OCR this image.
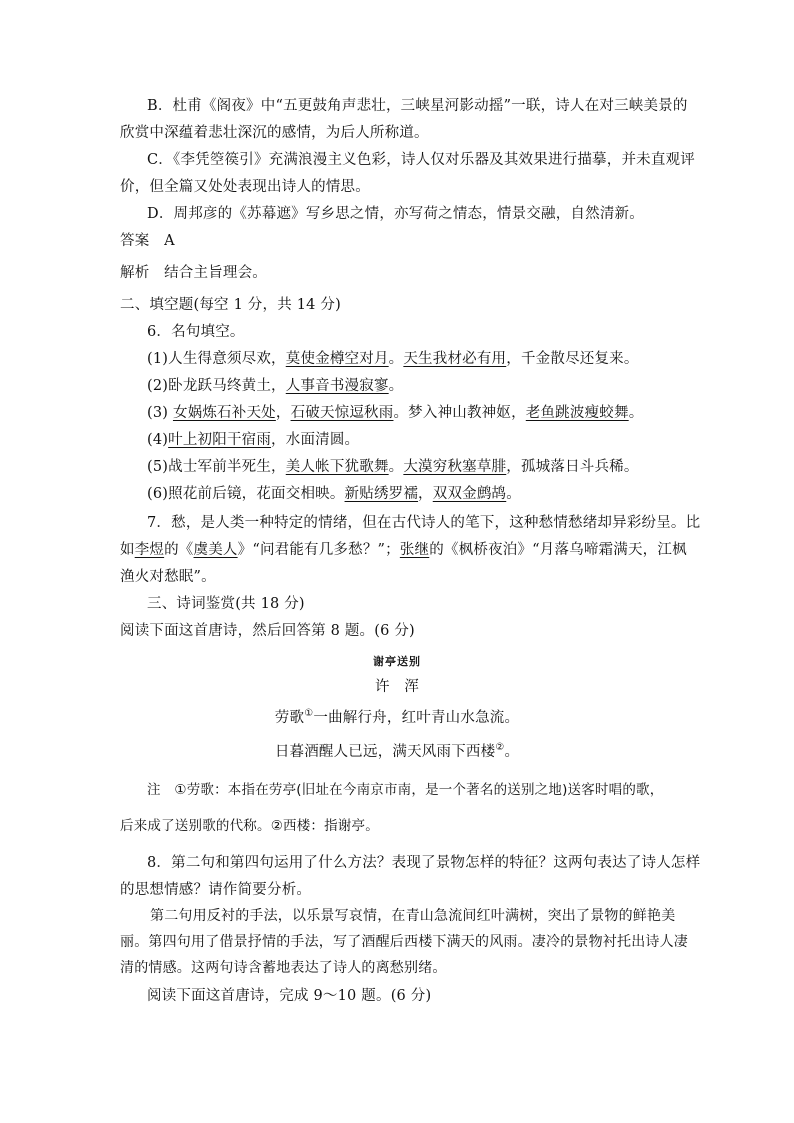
B．杜甫《阁夜》中“五更鼓角声悲壮，三峡星河影动摇”一联，诗人在对三峡美景的
欣赏中深蕴着悲壮深沉的感情，为后人所称道。
C．《李凭箜篌引》充满浪漫主义色彩，诗人仅对乐器及其效果进行描摹，并未直观评
价，但全篇又处处表现出诗人的情思。
D．周邦彦的《苏幕遮》写乡思之情，亦写荷之情态，情景交融，自然清新。
答案　A
解析　结合主旨理会。
二、填空题(每空 1 分，共 14 分)
6．名句填空。
(1)人生得意须尽欢，莫使金樽空对月。天生我材必有用，千金散尽还复来。
(2)卧龙跃马终黄土，人事音书漫寂寥。
(3) 女娲炼石补天处，石破天惊逗秋雨。梦入神山教神妪，老鱼跳波瘦蛟舞。
(4)叶上初阳干宿雨，水面清圆。
(5)战士军前半死生，美人帐下犹歌舞。大漠穷秋塞草腓，孤城落日斗兵稀。
(6)照花前后镜，花面交相映。新贴绣罗襦，双双金鹧鸪。
7．愁，是人类一种特定的情绪，但在古代诗人的笔下，这种愁情愁绪却异彩纷呈。比
如李煜的《虞美人》“问君能有几多愁？”；张继的《枫桥夜泊》“月落乌啼霜满天，江枫
渔火对愁眠”。
三、诗词鉴赏(共 18 分)
阅读下面这首唐诗，然后回答第 8 题。(6 分)
谢亭送别
许　浑
劳歌①一曲解行舟，红叶青山水急流。
日暮酒醒人已远，满天风雨下西楼②。
注　①劳歌：本指在劳亭(旧址在今南京市南，是一个著名的送别之地)送客时唱的歌，
后来成了送别歌的代称。②西楼：指谢亭。
8．第二句和第四句运用了什么方法？表现了景物怎样的特征？这两句表达了诗人怎样
的思想情感？请作简要分析。
第二句用反衬的手法，以乐景写哀情，在青山急流间红叶满树，突出了景物的鲜艳美
丽。第四句用了借景抒情的手法，写了酒醒后西楼下满天的风雨。凄冷的景物衬托出诗人凄
清的情感。这两句诗含蓄地表达了诗人的离愁别绪。
阅读下面这首唐诗，完成 9～10 题。(6 分)
